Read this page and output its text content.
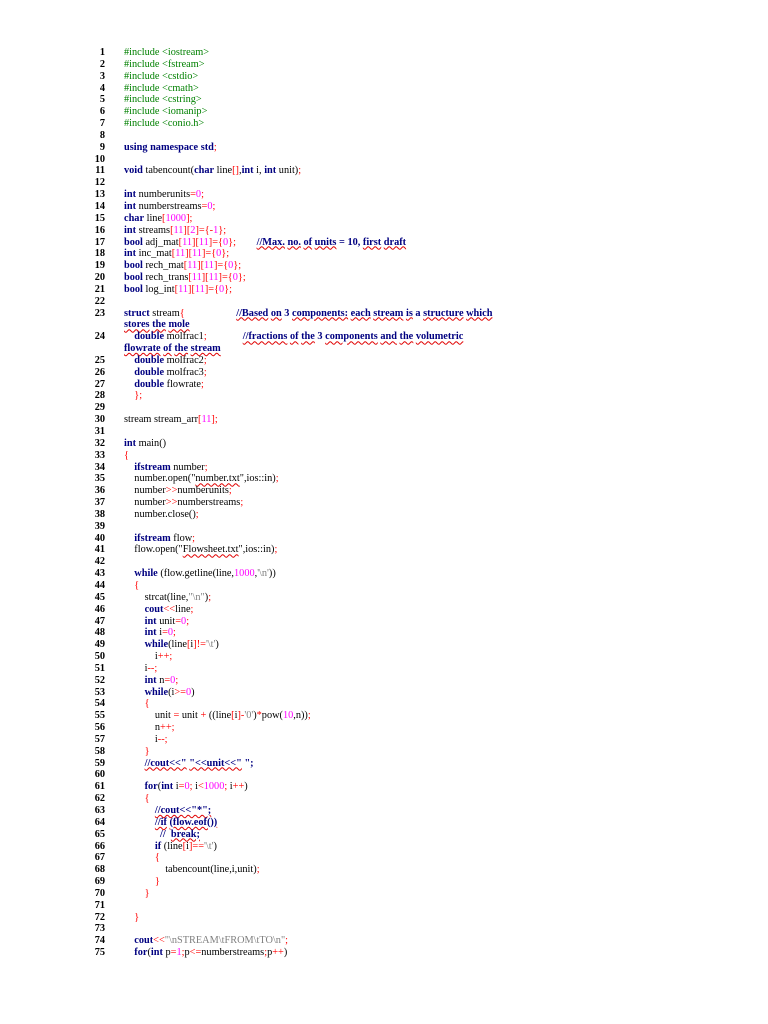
1 #include <iostream>
2 #include <fstream>
3 #include <cstdio>
4 #include <cmath>
5 #include <cstring>
6 #include <iomanip>
7 #include <conio.h>
8
9 using namespace std;
10
11 void tabencount(char line[],int i, int unit);
12
13 int numberunits=0;
14 int numberstreams=0;
15 char line[1000];
16 int streams[11][2]={-1};
17 bool adj_mat[11][11]={0}; //Max. no. of units = 10, first draft
18 int inc_mat[11][11]={0};
19 bool rech_mat[11][11]={0};
20 bool rech_trans[11][11]={0};
21 bool log_int[11][11]={0};
22
23 struct stream{	//Based on 3 components: each stream is a structure which
stores the mole
24	double molfrac1;	//fractions of the 3 components and the volumetric
flowrate of the stream
25	double molfrac2;
26	double molfrac3;
27	double flowrate;
28	};
29
30 stream stream_arr[11];
31
32 int main()
33 {
34	ifstream number;
35 number.open("number.txt",ios::in);
36 number>>numberunits;
37 number>>numberstreams;
38 number.close();
39
40	ifstream flow;
41 flow.open("Flowsheet.txt",ios::in);
42
43	while (flow.getline(line,1000,'\n'))
44	{
45 strcat(line,"\n");
46	cout<<line;
47	int unit=0;
48	int i=0;
49	while(line[i]!='\t')
50 i++;
51 i--;
52	int n=0;
53	while(i>=0)
54	{
55 unit = unit + ((line[i]-'0')*pow(10,n));
56 n++;
57 i--;
58	}
59	//cout<<" "<<unit<<" ";
60
61	for(int i=0; i<1000; i++)
62	{
63	//cout<<"*";
64	//if (flow.eof())
65	//  break;
66	if (line[i]=='\t')
67	{
68 tabencount(line,i,unit);
69	}
70	}
71
72	}
73
74	cout<<"\nSTREAM\tFROM\tTO\n";
75	for(int p=1;p<=numberstreams;p++)
